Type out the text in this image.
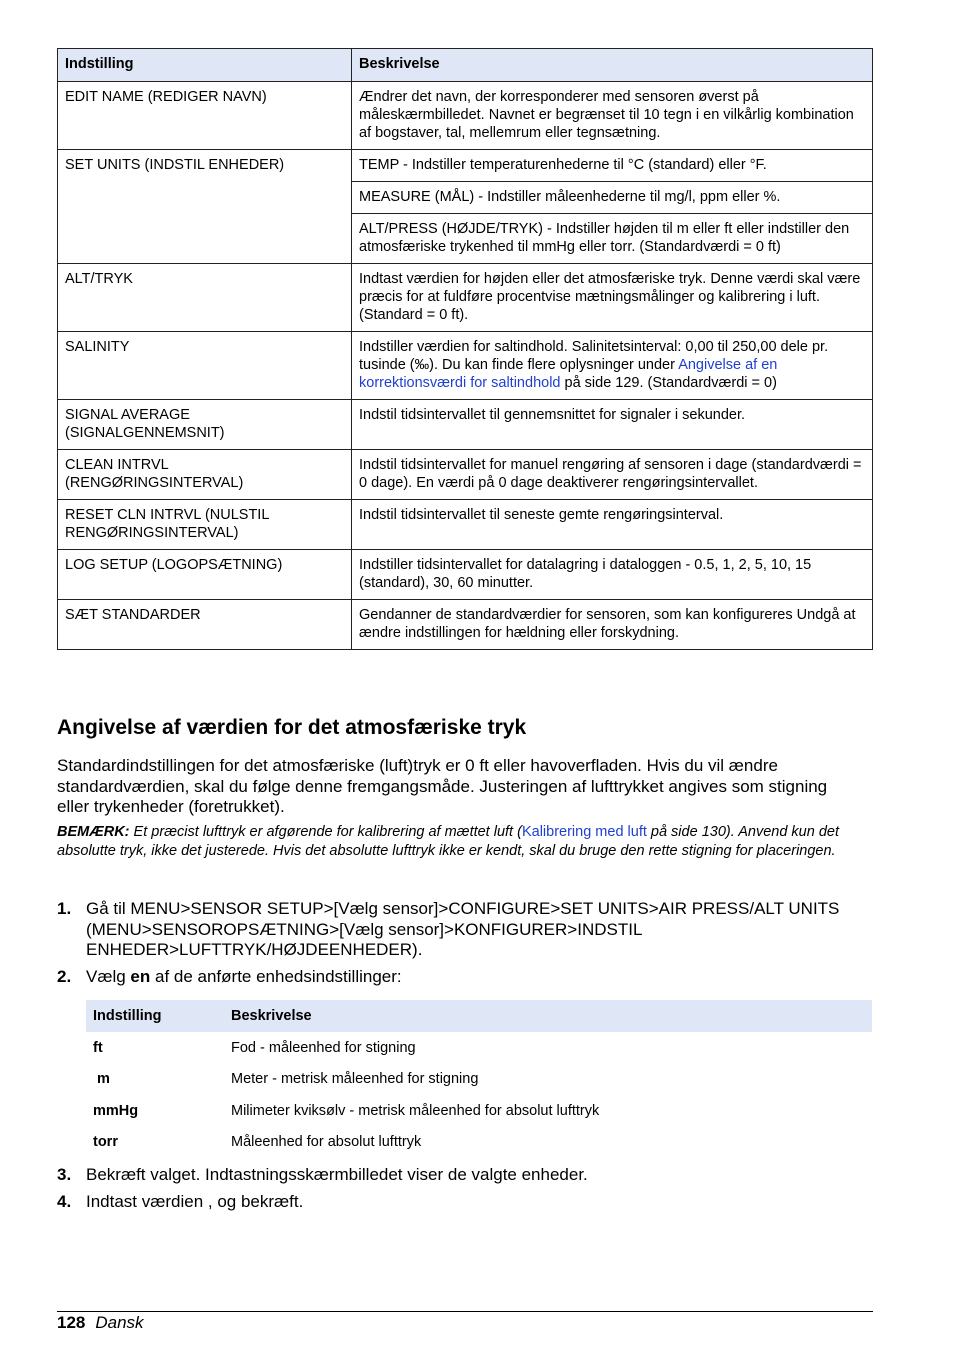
Indstilling	Beskrivelse
EDIT NAME (REDIGER NAVN)	Ændrer det navn, der korresponderer med sensoren øverst på måleskærmbilledet. Navnet er begrænset til 10 tegn i en vilkårlig kombination af bogstaver, tal, mellemrum eller tegnsætning.
SET UNITS (INDSTIL ENHEDER)	TEMP - Indstiller temperaturenhederne til °C (standard) eller °F.
	MEASURE (MÅL) - Indstiller måleenhederne til mg/l, ppm eller %.
	ALT/PRESS (HØJDE/TRYK) - Indstiller højden til m eller ft eller indstiller den atmosfæriske trykenhed til mmHg eller torr. (Standardværdi = 0 ft)
ALT/TRYK	Indtast værdien for højden eller det atmosfæriske tryk. Denne værdi skal være præcis for at fuldføre procentvise mætningsmålinger og kalibrering i luft. (Standard = 0 ft).
SALINITY	Indstiller værdien for saltindhold. Salinitetsinterval: 0,00 til 250,00 dele pr. tusinde (‰). Du kan finde flere oplysninger under Angivelse af en korrektionsværdi for saltindhold på side 129. (Standardværdi = 0)
SIGNAL AVERAGE (SIGNALGENNEMSNIT)	Indstil tidsintervallet til gennemsnittet for signaler i sekunder.
CLEAN INTRVL (RENGØRINGSINTERVAL)	Indstil tidsintervallet for manuel rengøring af sensoren i dage (standardværdi = 0 dage). En værdi på 0 dage deaktiverer rengøringsintervallet.
RESET CLN INTRVL (NULSTIL RENGØRINGSINTERVAL)	Indstil tidsintervallet til seneste gemte rengøringsinterval.
LOG SETUP (LOGOPSÆTNING)	Indstiller tidsintervallet for datalagring i dataloggen - 0.5, 1, 2, 5, 10, 15 (standard), 30, 60 minutter.
SÆT STANDARDER	Gendanner de standardværdier for sensoren, som kan konfigureres Undgå at ændre indstillingen for hældning eller forskydning.
Angivelse af værdien for det atmosfæriske tryk

Standardindstillingen for det atmosfæriske (luft)tryk er 0 ft eller havoverfladen. Hvis du vil ændre standardværdien, skal du følge denne fremgangsmåde. Justeringen af lufttrykket angives som stigning eller trykenheder (foretrukket).

BEMÆRK: Et præcist lufttryk er afgørende for kalibrering af mættet luft (Kalibrering med luft på side 130). Anvend kun det absolutte tryk, ikke det justerede. Hvis det absolutte lufttryk ikke er kendt, skal du bruge den rette stigning for placeringen.

1. Gå til MENU>SENSOR SETUP>[Vælg sensor]>CONFIGURE>SET UNITS>AIR PRESS/ALT UNITS (MENU>SENSOROPSÆTNING>[Vælg sensor]>KONFIGURER>INDSTIL ENHEDER>LUFTTRYK/HØJDEENHEDER).
2. Vælg en af de anførte enhedsindstillinger:
Indstilling	Beskrivelse
ft	Fod - måleenhed for stigning
m	Meter - metrisk måleenhed for stigning
mmHg	Milimeter kviksølv - metrisk måleenhed for absolut lufttryk
torr	Måleenhed for absolut lufttryk
3. Bekræft valget. Indtastningsskærmbilledet viser de valgte enheder.
4. Indtast værdien , og bekræft.
128 Dansk
